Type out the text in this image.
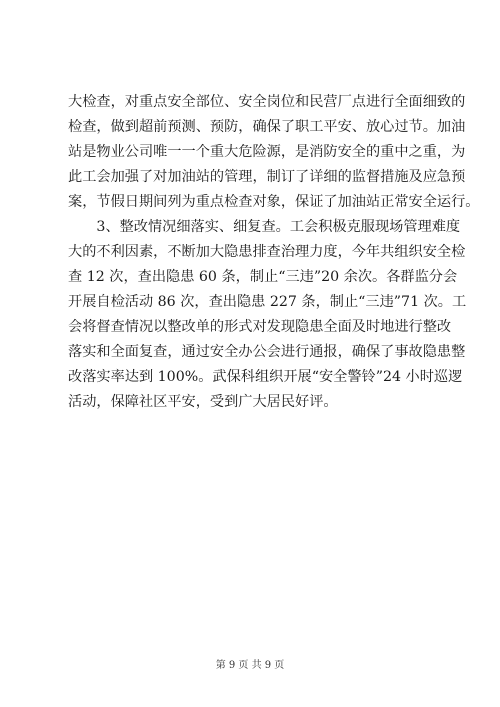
大检查，对重点安全部位、安全岗位和民营厂点进行全面细致的
检查，做到超前预测、预防，确保了职工平安、放心过节。加油
站是物业公司唯一一个重大危险源，是消防安全的重中之重，为
此工会加强了对加油站的管理，制订了详细的监督措施及应急预
案，节假日期间列为重点检查对象，保证了加油站正常安全运行。
　　3、整改情况细落实、细复查。工会积极克服现场管理难度
大的不利因素，不断加大隐患排查治理力度，今年共组织安全检
查 12 次，查出隐患 60 条，制止“三违”20 余次。各群监分会
开展自检活动 86 次，查出隐患 227 条，制止“三违”71 次。工
会将督查情况以整改单的形式对发现隐患全面及时地进行整改
落实和全面复查，通过安全办公会进行通报，确保了事故隐患整
改落实率达到 100%。武保科组织开展“安全警铃”24 小时巡逻
活动，保障社区平安，受到广大居民好评。
第 9 页 共 9 页
